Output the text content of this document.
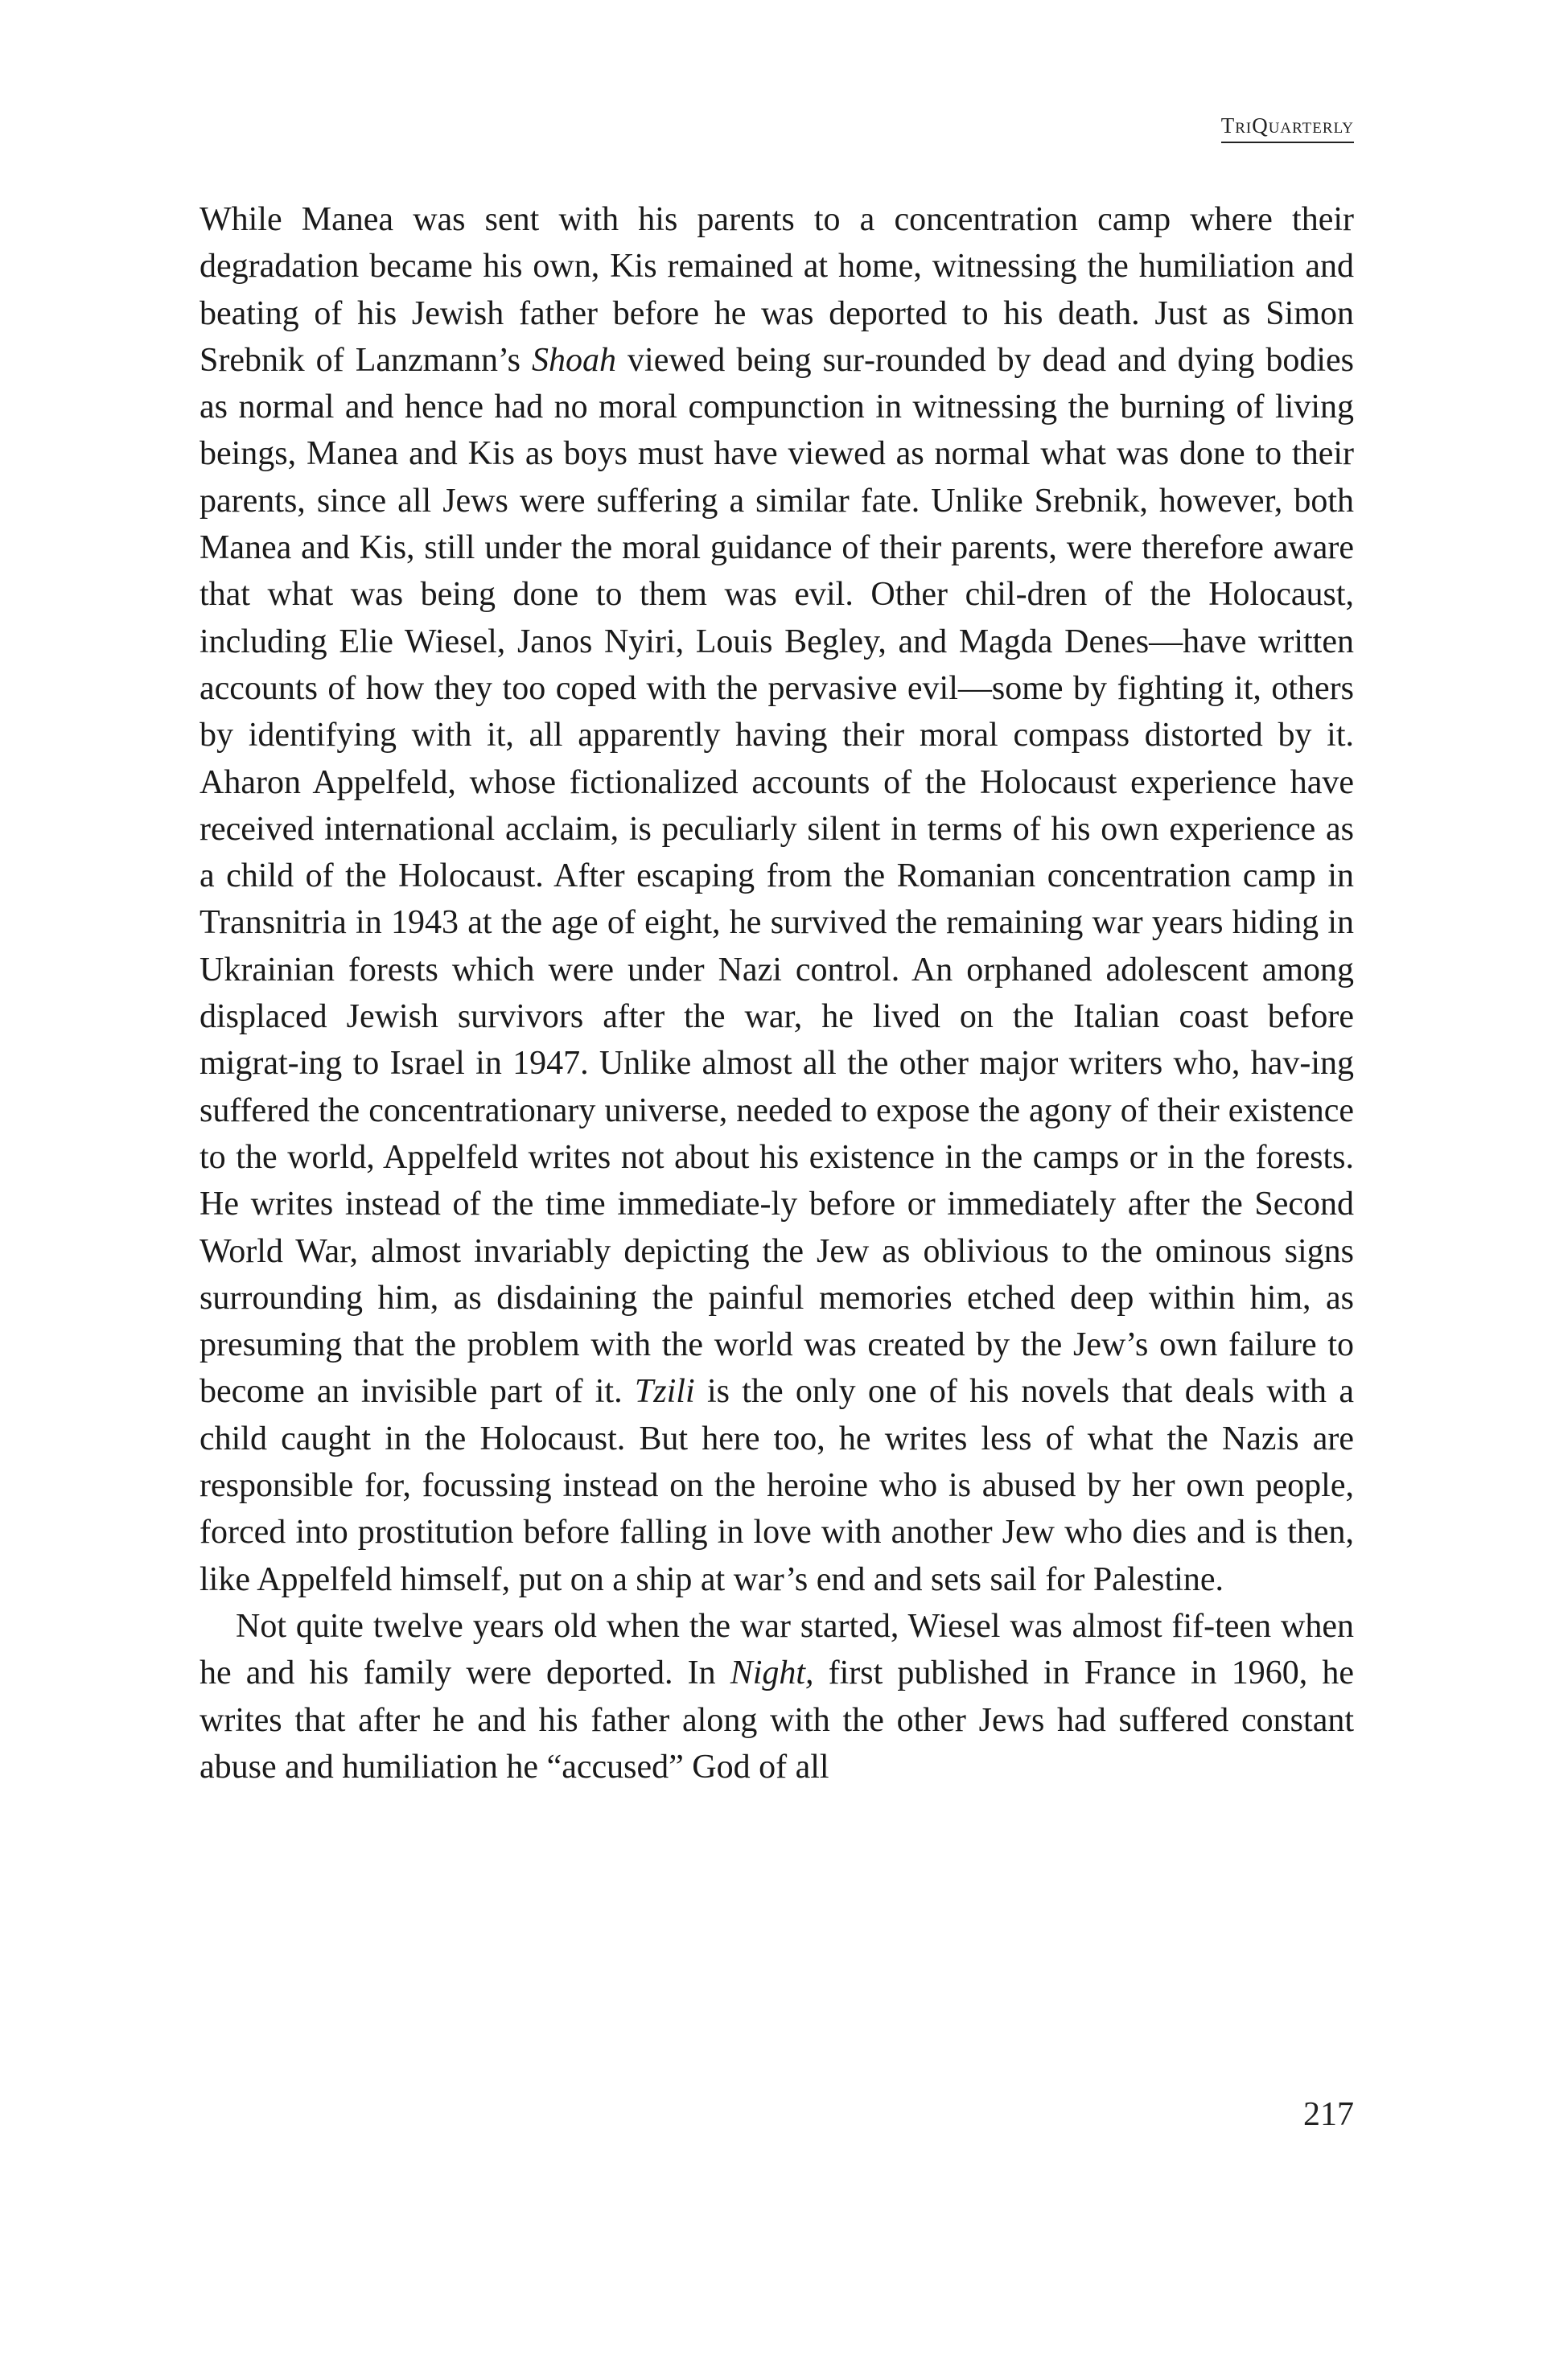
TriQuarterly

While Manea was sent with his parents to a concentration camp where their degradation became his own, Kis remained at home, witnessing the humiliation and beating of his Jewish father before he was deported to his death. Just as Simon Srebnik of Lanzmann’s Shoah viewed being sur‑rounded by dead and dying bodies as normal and hence had no moral compunction in witnessing the burning of living beings, Manea and Kis as boys must have viewed as normal what was done to their parents, since all Jews were suffering a similar fate. Unlike Srebnik, however, both Manea and Kis, still under the moral guidance of their parents, were therefore aware that what was being done to them was evil. Other chil‑dren of the Holocaust, including Elie Wiesel, Janos Nyiri, Louis Begley, and Magda Denes—have written accounts of how they too coped with the pervasive evil—some by fighting it, others by identifying with it, all apparently having their moral compass distorted by it. Aharon Appelfeld, whose fictionalized accounts of the Holocaust experience have received international acclaim, is peculiarly silent in terms of his own experience as a child of the Holocaust. After escaping from the Romanian concentration camp in Transnitria in 1943 at the age of eight, he survived the remaining war years hiding in Ukrainian forests which were under Nazi control. An orphaned adolescent among displaced Jewish survivors after the war, he lived on the Italian coast before migrat‑ing to Israel in 1947. Unlike almost all the other major writers who, hav‑ing suffered the concentrationary universe, needed to expose the agony of their existence to the world, Appelfeld writes not about his existence in the camps or in the forests. He writes instead of the time immediate‑ly before or immediately after the Second World War, almost invariably depicting the Jew as oblivious to the ominous signs surrounding him, as disdaining the painful memories etched deep within him, as presuming that the problem with the world was created by the Jew’s own failure to become an invisible part of it. Tzili is the only one of his novels that deals with a child caught in the Holocaust. But here too, he writes less of what the Nazis are responsible for, focussing instead on the heroine who is abused by her own people, forced into prostitution before falling in love with another Jew who dies and is then, like Appelfeld himself, put on a ship at war’s end and sets sail for Palestine.

Not quite twelve years old when the war started, Wiesel was almost fif‑teen when he and his family were deported. In Night, first published in France in 1960, he writes that after he and his father along with the other Jews had suffered constant abuse and humiliation he “accused” God of all

217
